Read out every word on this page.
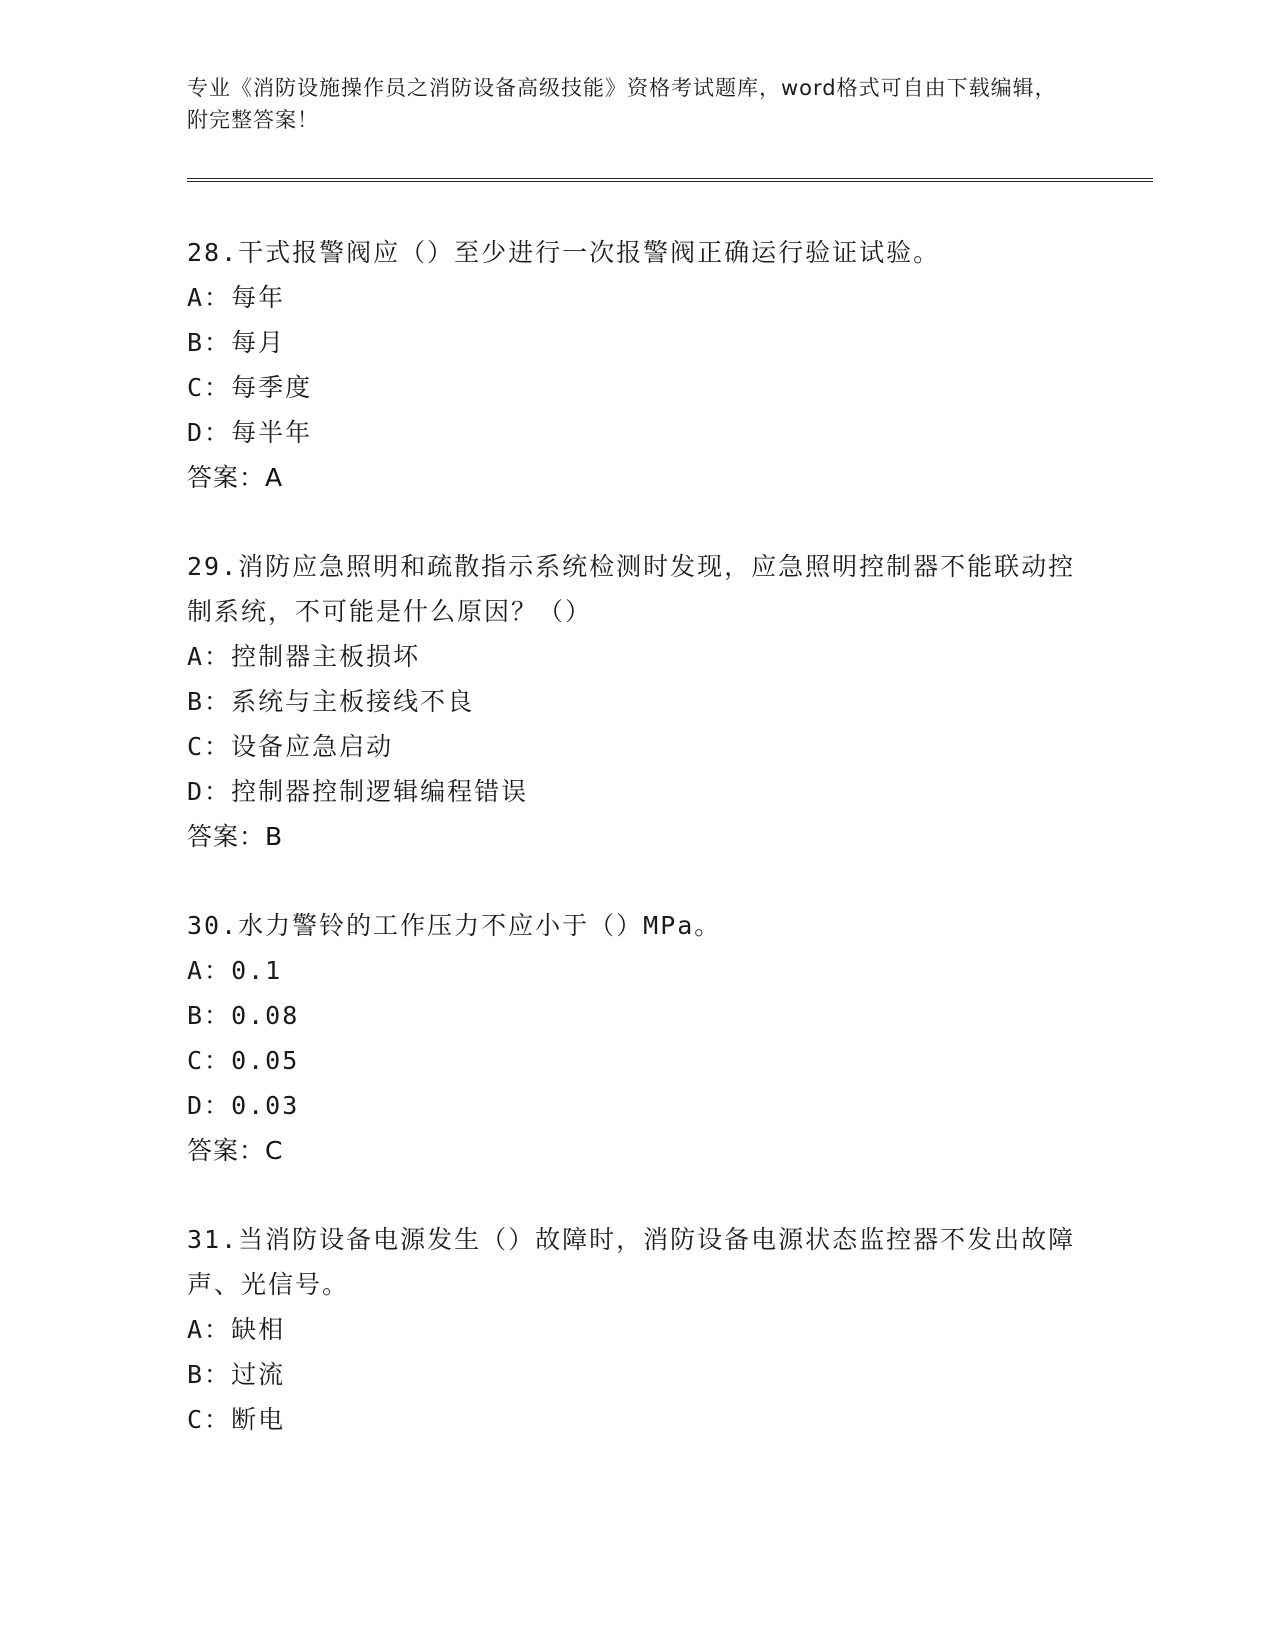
专业《消防设施操作员之消防设备高级技能》资格考试题库，word格式可自由下载编辑，附完整答案！
28.干式报警阀应（）至少进行一次报警阀正确运行验证试验。
A：每年
B：每月
C：每季度
D：每半年
答案：A
29.消防应急照明和疏散指示系统检测时发现，应急照明控制器不能联动控制系统，不可能是什么原因？（）
A：控制器主板损坏
B：系统与主板接线不良
C：设备应急启动
D：控制器控制逻辑编程错误
答案：B
30.水力警铃的工作压力不应小于（）MPa。
A：0.1
B：0.08
C：0.05
D：0.03
答案：C
31.当消防设备电源发生（）故障时，消防设备电源状态监控器不发出故障声、光信号。
A：缺相
B：过流
C：断电
